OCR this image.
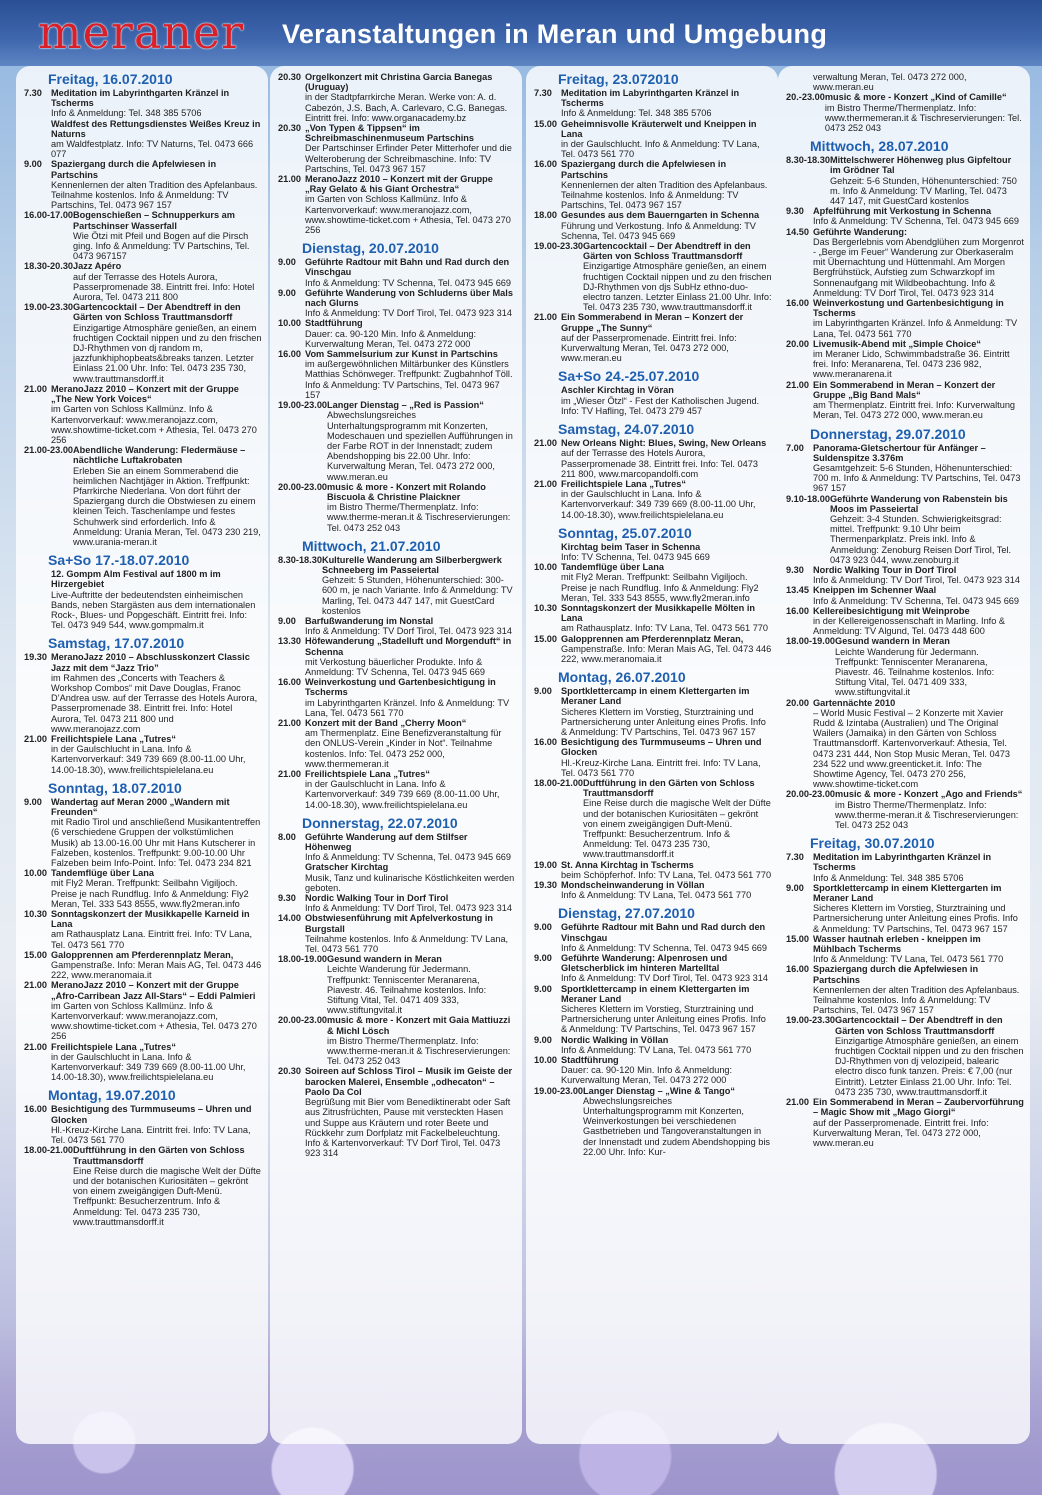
meraner Veranstaltungen in Meran und Umgebung
Freitag, 16.07.2010
7.30 Meditation im Labyrinthgarten Kränzel in Tscherms
Info & Anmeldung: Tel. 348 385 5706
Waldfest des Rettungsdienstes Weißes Kreuz in Naturns
am Waldfestplatz. Info: TV Naturns, Tel. 0473 666 077
9.00 Spaziergang durch die Apfelwiesen in Partschins
Kennenlernen der alten Tradition des Apfelanbaus. Teilnahme kostenlos. Info & Anmeldung: TV Partschins, Tel. 0473 967 157
16.00-17.00 Bogenschießen – Schnupperkurs am Partschinser Wasserfall
Wie Ötzi mit Pfeil und Bogen auf die Pirsch ging. Info & Anmeldung: TV Partschins, Tel. 0473 967157
18.30-20.30 Jazz Apéro
auf der Terrasse des Hotels Aurora, Passerpromenade 38. Eintritt frei. Info: Hotel Aurora, Tel. 0473 211 800
19.00-23.30 Gartencocktail – Der Abendtreff in den Gärten von Schloss Trauttmansdorff
Einzigartige Atmosphäre genießen, an einem fruchtigen Cocktail nippen und zu den frischen DJ-Rhythmen von dj random m, jazzfunkhiphopbeats&breaks tanzen. Letzter Einlass 21.00 Uhr. Info: Tel. 0473 235 730, www.trauttmansdorff.it
21.00 MeranoJazz 2010 – Konzert mit der Gruppe „The New York Voices“
im Garten von Schloss Kallmünz. Info & Kartenvorverkauf: www.meranojazz.com, www.showtime-ticket.com + Athesia, Tel. 0473 270 256
21.00-23.00 Abendliche Wanderung: Fledermäuse – nächtliche Luftakrobaten
Erleben Sie an einem Sommerabend die heimlichen Nachtjäger in Aktion. Treffpunkt: Pfarrkirche Niederlana. Von dort führt der Spaziergang durch die Obstwiesen zu einem kleinen Teich. Taschenlampe und festes Schuhwerk sind erforderlich. Info & Anmeldung: Urania Meran, Tel. 0473 230 219, www.urania-meran.it
Sa+So 17.-18.07.2010
12. Gompm Alm Festival auf 1800 m im Hirzergebiet
Live-Auftritte der bedeutendsten einheimischen Bands, neben Stargästen aus dem internationalen Rock-, Blues- und Popgeschäft. Eintritt frei. Info: Tel. 0473 949 544, www.gompmalm.it
Samstag, 17.07.2010
19.30 MeranoJazz 2010 – Abschlusskonzert Classic Jazz mit dem “Jazz Trio”
im Rahmen des „Concerts with Teachers & Workshop Combos“ mit Dave Douglas, Franoc D’Andrea usw. auf der Terrasse des Hotels Aurora, Passerpromenade 38. Eintritt frei. Info: Hotel Aurora, Tel. 0473 211 800 und www.meranojazz.com
21.00 Freilichtspiele Lana „Tutres“
in der Gaulschlucht in Lana. Info & Kartenvorverkauf: 349 739 669 (8.00-11.00 Uhr, 14.00-18.30), www.freilichtspielelana.eu
Sonntag, 18.07.2010
9.00 Wandertag auf Meran 2000 „Wandern mit Freunden“
mit Radio Tirol und anschließend Musikantentreffen (6 verschiedene Gruppen der volkstümlichen Musik) ab 13.00-16.00 Uhr mit Hans Kutscherer in Falzeben, kostenlos. Treffpunkt: 9.00-10.00 Uhr Falzeben beim Info-Point. Info: Tel. 0473 234 821
10.00 Tandemflüge über Lana
mit Fly2 Meran. Treffpunkt: Seilbahn Vigiljoch. Preise je nach Rundflug. Info & Anmeldung: Fly2 Meran, Tel. 333 543 8555, www.fly2meran.info
10.30 Sonntagskonzert der Musikkapelle Karneid in Lana
am Rathausplatz Lana. Eintritt frei. Info: TV Lana, Tel. 0473 561 770
15.00 Galopprennen am Pferderennplatz Meran,
Gampenstraße. Info: Meran Mais AG, Tel. 0473 446 222, www.meranomaia.it
21.00 MeranoJazz 2010 – Konzert mit der Gruppe „Afro-Carribean Jazz All-Stars“ – Eddi Palmieri
im Garten von Schloss Kallmünz. Info & Kartenvorverkauf: www.meranojazz.com, www.showtime-ticket.com + Athesia, Tel. 0473 270 256
21.00 Freilichtspiele Lana „Tutres“
in der Gaulschlucht in Lana. Info & Kartenvorverkauf: 349 739 669 (8.00-11.00 Uhr, 14.00-18.30), www.freilichtspielelana.eu
Montag, 19.07.2010
16.00 Besichtigung des Turmmuseums – Uhren und Glocken
Hl.-Kreuz-Kirche Lana. Eintritt frei. Info: TV Lana, Tel. 0473 561 770
18.00-21.00 Duftführung in den Gärten von Schloss Trauttmansdorff
Eine Reise durch die magische Welt der Düfte und der botanischen Kuriositäten – gekrönt von einem zweigängigen Duft-Menü. Treffpunkt: Besucherzentrum. Info & Anmeldung: Tel. 0473 235 730, www.trauttmansdorff.it
20.30 Orgelkonzert mit Christina Garcia Banegas (Uruguay)
in der Stadtpfarrkirche Meran. Werke von: A. d. Cabezón, J.S. Bach, A. Carlevaro, C.G. Banegas. Eintritt frei. Info: www.organacademy.bz
20.30 „Von Typen & Tippsen“ im Schreibmaschinenmuseum Partschins
Der Partschinser Erfinder Peter Mitterhofer und die Welteroberung der Schreibmaschine. Info: TV Partschins, Tel. 0473 967 157
21.00 MeranoJazz 2010 – Konzert mit der Gruppe „Ray Gelato & his Giant Orchestra“
im Garten von Schloss Kallmünz. Info & Kartenvorverkauf: www.meranojazz.com, www.showtime-ticket.com + Athesia, Tel. 0473 270 256
Dienstag, 20.07.2010
9.00 Geführte Radtour mit Bahn und Rad durch den Vinschgau
Info & Anmeldung: TV Schenna, Tel. 0473 945 669
9.00 Geführte Wanderung von Schluderns über Mals nach Glurns
Info & Anmeldung: TV Dorf Tirol, Tel. 0473 923 314
10.00 Stadtführung
Dauer: ca. 90-120 Min. Info & Anmeldung: Kurverwaltung Meran, Tel. 0473 272 000
16.00 Vom Sammelsurium zur Kunst in Partschins
im außergewöhnlichen Miltärbunker des Künstlers Matthias Schönweger. Treffpunkt: Zugbahnhof Töll. Info & Anmeldung: TV Partschins, Tel. 0473 967 157
19.00-23.00 Langer Dienstag – „Red is Passion“
Abwechslungsreiches Unterhaltungsprogramm mit Konzerten, Modeschauen und speziellen Aufführungen in der Farbe ROT in der Innenstadt; zudem Abendshopping bis 22.00 Uhr. Info: Kurverwaltung Meran, Tel. 0473 272 000, www.meran.eu
20.00-23.00 music & more - Konzert mit Rolando Biscuola & Christine Plaickner
im Bistro Therme/Thermenplatz. Info: www.therme-meran.it & Tischreservierungen: Tel. 0473 252 043
Mittwoch, 21.07.2010
8.30-18.30 Kulturelle Wanderung am Silberbergwerk Schneeberg im Passeiertal
Gehzeit: 5 Stunden, Höhenunterschied: 300-600 m, je nach Variante. Info & Anmeldung: TV Marling, Tel. 0473 447 147, mit GuestCard kostenlos
9.00 Barfußwanderung im Nonstal
Info & Anmeldung: TV Dorf Tirol, Tel. 0473 923 314
13.30 Höfewanderung „Stadelluft und Morgenduft“ in Schenna
mit Verkostung bäuerlicher Produkte. Info & Anmeldung: TV Schenna, Tel. 0473 945 669
16.00 Weinverkostung und Gartenbesichtigung in Tscherms
im Labyrinthgarten Kränzel. Info & Anmeldung: TV Lana, Tel. 0473 561 770
21.00 Konzert mit der Band „Cherry Moon“
am Thermenplatz. Eine Benefizveranstaltung für den ONLUS-Verein „Kinder in Not“. Teilnahme kostenlos. Info: Tel. 0473 252 000, www.thermemeran.it
21.00 Freilichtspiele Lana „Tutres“
in der Gaulschlucht in Lana. Info & Kartenvorverkauf: 349 739 669 (8.00-11.00 Uhr, 14.00-18.30), www.freilichtspielelana.eu
Donnerstag, 22.07.2010
8.00 Geführte Wanderung auf dem Stilfser Höhenweg
Info & Anmeldung: TV Schenna, Tel. 0473 945 669
Gratscher Kirchtag
Musik, Tanz und kulinarische Köstlichkeiten werden geboten.
9.30 Nordic Walking Tour in Dorf Tirol
Info & Anmeldung: TV Dorf Tirol, Tel. 0473 923 314
14.00 Obstwiesenführung mit Apfelverkostung in Burgstall
Teilnahme kostenlos. Info & Anmeldung: TV Lana, Tel. 0473 561 770
18.00-19.00 Gesund wandern in Meran
Leichte Wanderung für Jedermann. Treffpunkt: Tenniscenter Meranarena, Piavestr. 46. Teilnahme kostenlos. Info: Stiftung Vital, Tel. 0471 409 333, www.stiftungvital.it
20.00-23.00 music & more - Konzert mit Gaia Mattiuzzi & Michl Lösch
im Bistro Therme/Thermenplatz. Info: www.therme-meran.it & Tischreservierungen: Tel. 0473 252 043
20.30 Soireen auf Schloss Tirol – Musik im Geiste der barocken Malerei, Ensemble „odhecaton“ – Paolo Da Col
Begrüßung mit Bier vom Benediktinerabt oder Saft aus Zitrusfrüchten, Pause mit versteckten Hasen und Suppe aus Kräutern und roter Beete und Rückkehr zum Dorfplatz mit Fackelbeleuchtung. Info & Kartenvorverkauf: TV Dorf Tirol, Tel. 0473 923 314
Freitag, 23.072010
7.30 Meditation im Labyrinthgarten Kränzel in Tscherms
Info & Anmeldung: Tel. 348 385 5706
15.00 Geheimnisvolle Kräuterwelt und Kneippen in Lana
in der Gaulschlucht. Info & Anmeldung: TV Lana, Tel. 0473 561 770
16.00 Spaziergang durch die Apfelwiesen in Partschins
Kennenlernen der alten Tradition des Apfelanbaus. Teilnahme kostenlos. Info & Anmeldung: TV Partschins, Tel. 0473 967 157
18.00 Gesundes aus dem Bauerngarten in Schenna
Führung und Verkostung. Info & Anmeldung: TV Schenna, Tel. 0473 945 669
19.00-23.30 Gartencocktail – Der Abendtreff in den Gärten von Schloss Trauttmansdorff
Einzigartige Atmosphäre genießen, an einem fruchtigen Cocktail nippen und zu den frischen DJ-Rhythmen von djs SubHz ethno-duo-electro tanzen. Letzter Einlass 21.00 Uhr. Info: Tel. 0473 235 730, www.trauttmansdorff.it
21.00 Ein Sommerabend in Meran – Konzert der Gruppe „The Sunny“
auf der Passerpromenade. Eintritt frei. Info: Kurverwaltung Meran, Tel. 0473 272 000, www.meran.eu
Sa+So 24.-25.07.2010
Aschler Kirchtag in Vöran
im „Wieser Ötzl“ - Fest der Katholischen Jugend. Info: TV Hafling, Tel. 0473 279 457
Samstag, 24.07.2010
21.00 New Orleans Night: Blues, Swing, New Orleans
auf der Terrasse des Hotels Aurora, Passerpromenade 38. Eintritt frei. Info: Tel. 0473 211 800, www.marcopandolfi.com
21.00 Freilichtspiele Lana „Tutres“
in der Gaulschlucht in Lana. Info & Kartenvorverkauf: 349 739 669 (8.00-11.00 Uhr, 14.00-18.30), www.freilichtspielelana.eu
Sonntag, 25.07.2010
Kirchtag beim Taser in Schenna
Info: TV Schenna, Tel. 0473 945 669
10.00 Tandemflüge über Lana
mit Fly2 Meran. Treffpunkt: Seilbahn Vigiljoch. Preise je nach Rundflug. Info & Anmeldung: Fly2 Meran, Tel. 333 543 8555, www.fly2meran.info
10.30 Sonntagskonzert der Musikkapelle Mölten in Lana
am Rathausplatz. Info: TV Lana, Tel. 0473 561 770
15.00 Galopprennen am Pferderennplatz Meran,
Gampenstraße. Info: Meran Mais AG, Tel. 0473 446 222, www.meranomaia.it
Montag, 26.07.2010
9.00 Sportklettercamp in einem Klettergarten im Meraner Land
Sicheres Klettern im Vorstieg, Sturztraining und Partnersicherung unter Anleitung eines Profis. Info & Anmeldung: TV Partschins, Tel. 0473 967 157
16.00 Besichtigung des Turmmuseums – Uhren und Glocken
Hl.-Kreuz-Kirche Lana. Eintritt frei. Info: TV Lana, Tel. 0473 561 770
18.00-21.00 Duftführung in den Gärten von Schloss Trauttmansdorff
Eine Reise durch die magische Welt der Düfte und der botanischen Kuriositäten – gekrönt von einem zweigängigen Duft-Menü. Treffpunkt: Besucherzentrum. Info & Anmeldung: Tel. 0473 235 730, www.trauttmansdorff.it
19.00 St. Anna Kirchtag in Tscherms
beim Schöpferhof. Info: TV Lana, Tel. 0473 561 770
19.30 Mondscheinwanderung in Völlan
Info & Anmeldung: TV Lana, Tel. 0473 561 770
Dienstag, 27.07.2010
9.00 Geführte Radtour mit Bahn und Rad durch den Vinschgau
Info & Anmeldung: TV Schenna, Tel. 0473 945 669
9.00 Geführte Wanderung: Alpenrosen und Gletscherblick im hinteren Martelltal
Info & Anmeldung: TV Dorf Tirol, Tel. 0473 923 314
9.00 Sportklettercamp in einem Klettergarten im Meraner Land
Sicheres Klettern im Vorstieg, Sturztraining und Partnersicherung unter Anleitung eines Profis. Info & Anmeldung: TV Partschins, Tel. 0473 967 157
9.00 Nordic Walking in Völlan
Info & Anmeldung: TV Lana, Tel. 0473 561 770
10.00 Stadtführung
Dauer: ca. 90-120 Min. Info & Anmeldung: Kurverwaltung Meran, Tel. 0473 272 000
19.00-23.00 Langer Dienstag – „Wine & Tango“
Abwechslungsreiches Unterhaltungsprogramm mit Konzerten, Weinverkostungen bei verschiedenen Gastbetrieben und Tangoveranstaltungen in der Innenstadt und zudem Abendshopping bis 22.00 Uhr. Info: Kur-
verwaltung Meran, Tel. 0473 272 000, www.meran.eu
20.-23.00 music & more - Konzert „Kind of Camille“
im Bistro Therme/Thermenplatz. Info: www.thermemeran.it & Tischreservierungen: Tel. 0473 252 043
Mittwoch, 28.07.2010
8.30-18.30 Mittelschwerer Höhenweg plus Gipfeltour im Grödner Tal
Gehzeit: 5-6 Stunden, Höhenunterschied: 750 m. Info & Anmeldung: TV Marling, Tel. 0473 447 147, mit GuestCard kostenlos
9.30 Apfelführung mit Verkostung in Schenna
Info & Anmeldung: TV Schenna, Tel. 0473 945 669
14.50 Geführte Wanderung:
Das Bergerlebnis vom Abendglühen zum Morgenrot - „Berge im Feuer“ Wanderung zur Oberkaseralm mit Übernachtung und Hüttenmahl. Am Morgen Bergfrühstück, Aufstieg zum Schwarzkopf im Sonnenaufgang mit Wildbeobachtung. Info & Anmeldung: TV Dorf Tirol, Tel. 0473 923 314
16.00 Weinverkostung und Gartenbesichtigung in Tscherms
im Labyrinthgarten Kränzel. Info & Anmeldung: TV Lana, Tel. 0473 561 770
20.00 Livemusik-Abend mit „Simple Choice“
im Meraner Lido, Schwimmbadstraße 36. Eintritt frei. Info: Meranarena, Tel. 0473 236 982, www.meranarena.it
21.00 Ein Sommerabend in Meran – Konzert der Gruppe „Big Band Mals“
am Thermenplatz. Eintritt frei. Info: Kurverwaltung Meran, Tel. 0473 272 000, www.meran.eu
Donnerstag, 29.07.2010
7.00 Panorama-Gletschertour für Anfänger – Suldenspitze 3.376m
Gesamtgehzeit: 5-6 Stunden, Höhenunterschied: 700 m. Info & Anmeldung: TV Partschins, Tel. 0473 967 157
9.10-18.00 Geführte Wanderung von Rabenstein bis Moos im Passeiertal
Gehzeit: 3-4 Stunden. Schwierigkeitsgrad: mittel. Treffpunkt: 9.10 Uhr beim Thermenparkplatz. Preis inkl. Info & Anmeldung: Zenoburg Reisen Dorf Tirol, Tel. 0473 923 044, www.zenoburg.it
9.30 Nordic Walking Tour in Dorf Tirol
Info & Anmeldung: TV Dorf Tirol, Tel. 0473 923 314
13.45 Kneippen im Schenner Waal
Info & Anmeldung: TV Schenna, Tel. 0473 945 669
16.00 Kellereibesichtigung mit Weinprobe
in der Kellereigenossenschaft in Marling. Info & Anmeldung: TV Algund, Tel. 0473 448 600
18.00-19.00 Gesund wandern in Meran
Leichte Wanderung für Jedermann. Treffpunkt: Tenniscenter Meranarena, Piavestr. 46. Teilnahme kostenlos. Info: Stiftung Vital, Tel. 0471 409 333, www.stiftungvital.it
20.00 Gartennächte 2010
– World Music Festival – 2 Konzerte mit Xavier Rudd & Izintaba (Australien) und The Original Wailers (Jamaika) in den Gärten von Schloss Trauttmansdorff. Kartenvorverkauf: Athesia, Tel. 0473 231 444, Non Stop Music Meran, Tel. 0473 234 522 und www.greenticket.it. Info: The Showtime Agency, Tel. 0473 270 256, www.showtime-ticket.com
20.00-23.00 music & more - Konzert „Ago and Friends“
im Bistro Therme/Thermenplatz. Info: www.therme-meran.it & Tischreservierungen: Tel. 0473 252 043
Freitag, 30.07.2010
7.30 Meditation im Labyrinthgarten Kränzel in Tscherms
Info & Anmeldung: Tel. 348 385 5706
9.00 Sportklettercamp in einem Klettergarten im Meraner Land
Sicheres Klettern im Vorstieg, Sturztraining und Partnersicherung unter Anleitung eines Profis. Info & Anmeldung: TV Partschins, Tel. 0473 967 157
15.00 Wasser hautnah erleben - kneippen im Mühlbach Tscherms
Info & Anmeldung: TV Lana, Tel. 0473 561 770
16.00 Spaziergang durch die Apfelwiesen in Partschins
Kennenlernen der alten Tradition des Apfelanbaus. Teilnahme kostenlos. Info & Anmeldung: TV Partschins, Tel. 0473 967 157
19.00-23.30 Gartencocktail – Der Abendtreff in den Gärten von Schloss Trauttmansdorff
Einzigartige Atmosphäre genießen, an einem fruchtigen Cocktail nippen und zu den frischen DJ-Rhythmen von dj velozipeid, balearic electro disco funk tanzen. Preis: € 7,00 (nur Eintritt). Letzter Einlass 21.00 Uhr. Info: Tel. 0473 235 730, www.trauttmansdorff.it
21.00 Ein Sommerabend in Meran – Zaubervorführung – Magic Show mit „Mago Giorgi“
auf der Passerpromenade. Eintritt frei. Info: Kurverwaltung Meran, Tel. 0473 272 000, www.meran.eu
